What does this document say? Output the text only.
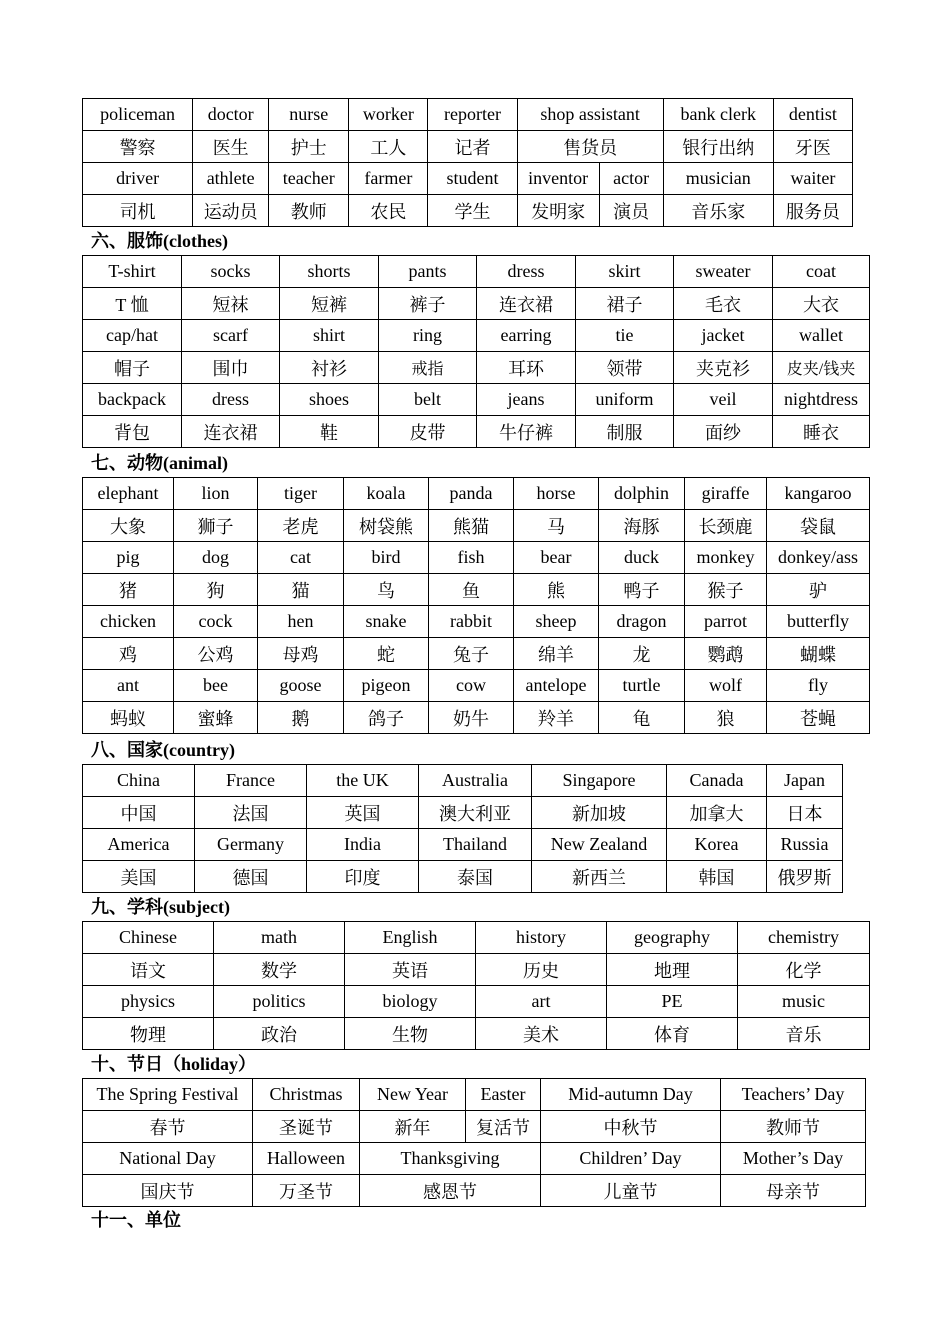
policeman	doctor	nurse	worker	reporter	shop assistant		bank clerk	dentist
警察	医生	护士	工人	记者	售货员		银行出纳	牙医
driver	athlete	teacher	farmer	student	inventor	actor	musician	waiter
司机	运动员	教师	农民	学生	发明家	演员	音乐家	服务员
六、服饰(clothes)
T-shirt	socks	shorts	pants	dress	skirt	sweater	coat
T 恤	短袜	短裤	裤子	连衣裙	裙子	毛衣	大衣
cap/hat	scarf	shirt	ring	earring	tie	jacket	wallet
帽子	围巾	衬衫	戒指	耳环	领带	夹克衫	皮夹/钱夹
backpack	dress	shoes	belt	jeans	uniform	veil	nightdress
背包	连衣裙	鞋	皮带	牛仔裤	制服	面纱	睡衣
七、动物(animal)
elephant	lion	tiger	koala	panda	horse	dolphin	giraffe	kangaroo
大象	狮子	老虎	树袋熊	熊猫	马	海豚	长颈鹿	袋鼠
pig	dog	cat	bird	fish	bear	duck	monkey	donkey/ass
猪	狗	猫	鸟	鱼	熊	鸭子	猴子	驴
chicken	cock	hen	snake	rabbit	sheep	dragon	parrot	butterfly
鸡	公鸡	母鸡	蛇	兔子	绵羊	龙	鹦鹉	蝴蝶
ant	bee	goose	pigeon	cow	antelope	turtle	wolf	fly
蚂蚁	蜜蜂	鹅	鸽子	奶牛	羚羊	龟	狼	苍蝇
八、国家(country)
China	France	the UK	Australia	Singapore	Canada	Japan
中国	法国	英国	澳大利亚	新加坡	加拿大	日本
America	Germany	India	Thailand	New Zealand	Korea	Russia
美国	德国	印度	泰国	新西兰	韩国	俄罗斯
九、学科(subject)
Chinese	math	English	history	geography	chemistry
语文	数学	英语	历史	地理	化学
physics	politics	biology	art	PE	music
物理	政治	生物	美术	体育	音乐
十、节日（holiday）
The Spring Festival	Christmas	New Year	Easter	Mid-autumn Day	Teachers’ Day
春节	圣诞节	新年	复活节	中秋节	教师节
National Day	Halloween	Thanksgiving		Children’ Day	Mother’s Day
国庆节	万圣节	感恩节		儿童节	母亲节
十一、单位
